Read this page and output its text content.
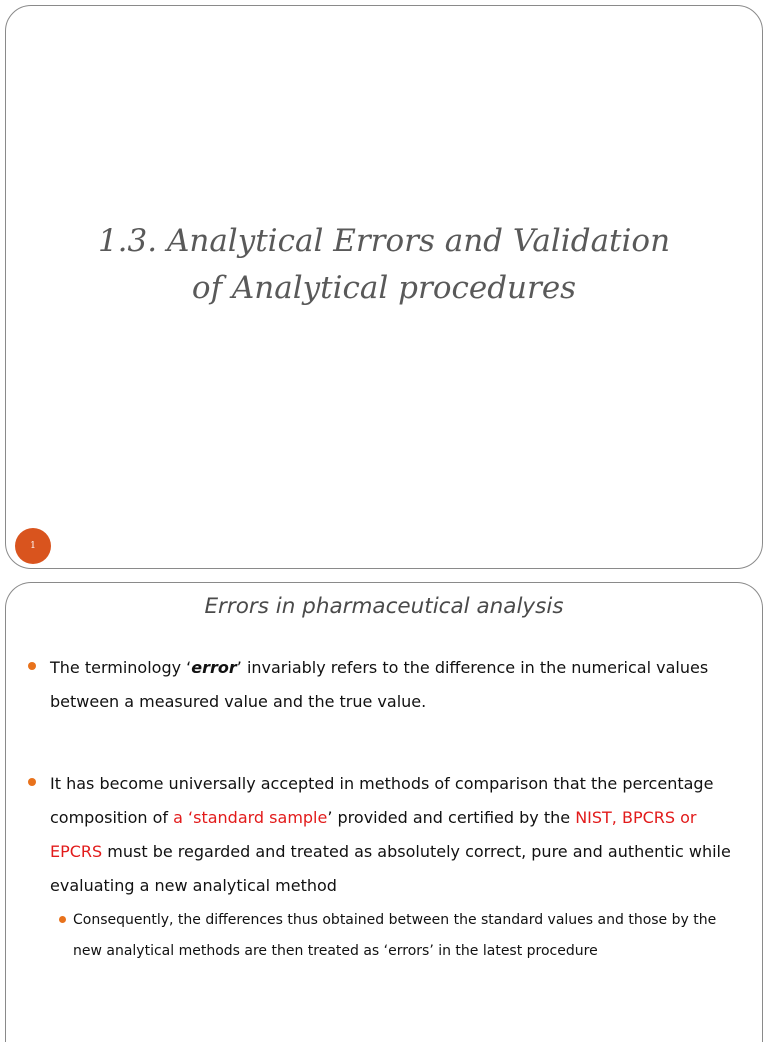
1.3. Analytical Errors and Validation
of Analytical procedures
1
Errors in pharmaceutical analysis
The terminology ‘error’ invariably refers to the difference in the numerical values between a measured value and the true value.
It has become universally accepted in methods of comparison that the percentage composition of a ‘standard sample’ provided and certified by the NIST, BPCRS or EPCRS must be regarded and treated as absolutely correct, pure and authentic while evaluating a new analytical method
Consequently, the differences thus obtained between the standard values and those by the new analytical methods are then treated as ‘errors’ in the latest procedure
